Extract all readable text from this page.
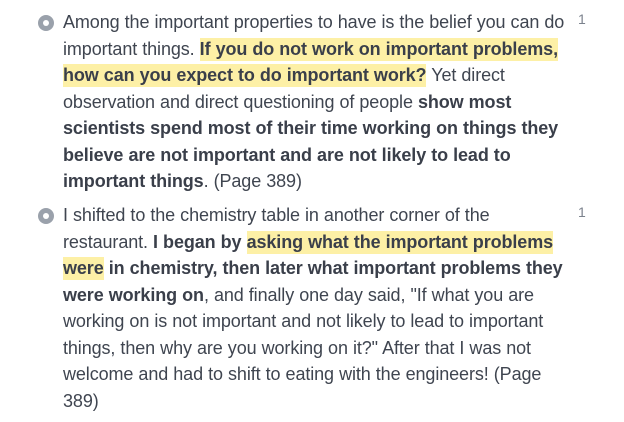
Among the important properties to have is the belief you can do important things. If you do not work on important problems, how can you expect to do important work? Yet direct observation and direct questioning of people show most scientists spend most of their time working on things they believe are not important and are not likely to lead to important things. (Page 389)

1

I shifted to the chemistry table in another corner of the restaurant. I began by asking what the important problems were in chemistry, then later what important problems they were working on, and finally one day said, "If what you are working on is not important and not likely to lead to important things, then why are you working on it?" After that I was not welcome and had to shift to eating with the engineers! (Page 389)

1
